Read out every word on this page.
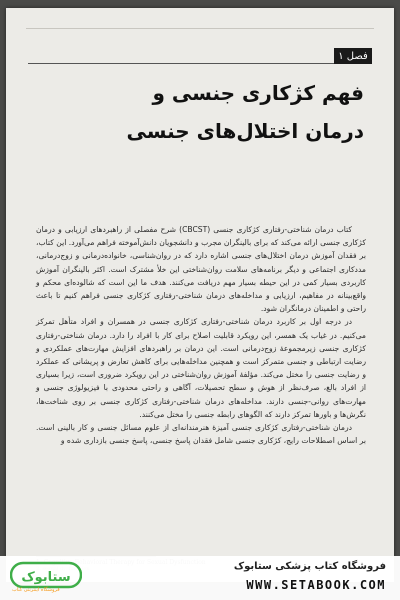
فصل ۱
فهم کژکاری جنسی و
درمان اختلال‌های جنسی

کتاب درمان شناختی-رفتاری کژکاری جنسی (CBCST) شرح مفصلی از راهبردهای ارزیابی و درمان کژکاری جنسی ارائه می‌کند که برای بالینگران مجرب و دانشجویان دانش‌آموخته فراهم می‌آورد. این کتاب، بر فقدان آموزش درمان اختلال‌های جنسی اشاره دارد که در روان‌شناسی، خانواده‌درمانی و زوج‌درمانی، مددکاری اجتماعی و دیگر برنامه‌های سلامت روان‌شناختی این خلأ مشترک است. اکثر بالینگران آموزش کاربردی بسیار کمی در این حیطه بسیار مهم دریافت می‌کنند. هدف ما این است که شالوده‌ای محکم و واقع‌بینانه در مفاهیم، ارزیابی و مداخله‌های درمان شناختی-رفتاری کژکاری جنسی فراهم کنیم تا باعث راحتی و اطمینان درمانگران شود.

در درجه اول بر کاربرد درمان شناختی-رفتاری کژکاری جنسی در همسران و افراد متأهل تمرکز می‌کنیم. در غیاب یک همسر، این رویکرد قابلیت اصلاح برای کار با افراد را دارد. درمان شناختی-رفتاری کژکاری جنسی زیرمجموعهٔ زوج‌درمانی است. این درمان بر راهبردهای افزایش مهارت‌های عملکردی و رضایت ارتباطی و جنسی متمرکز است و همچنین مداخله‌هایی برای کاهش تعارض و پریشانی که عملکرد و رضایت جنسی را مختل می‌کند. مؤلفهٔ آموزش روان‌شناختی در این رویکرد ضروری است، زیرا بسیاری از افراد بالغ، صرف‌نظر از هوش و سطح تحصیلات، آگاهی و راحتی محدودی با فیزیولوژی جنسی و مهارت‌های روانی-جنسی دارند. مداخله‌های درمان شناختی-رفتاری کژکاری جنسی بر روی شناخت‌ها، نگرش‌ها و باورها تمرکز دارند که الگوهای رابطه جنسی را مختل می‌کنند.

درمان شناختی-رفتاری کژکاری جنسی آمیزهٔ هنرمندانه‌ای از علوم مسائل جنسی و کار بالینی است. بر اساس اصطلاحات رایج، کژکاری جنسی شامل فقدان پاسخ جنسی، پاسخ جنسی بازداری شده و

ستابوک
فروشگاه اینترنتی کتاب
فروشگاه کتاب پزشکی ستابوک
WWW.SETABOOK.COM
